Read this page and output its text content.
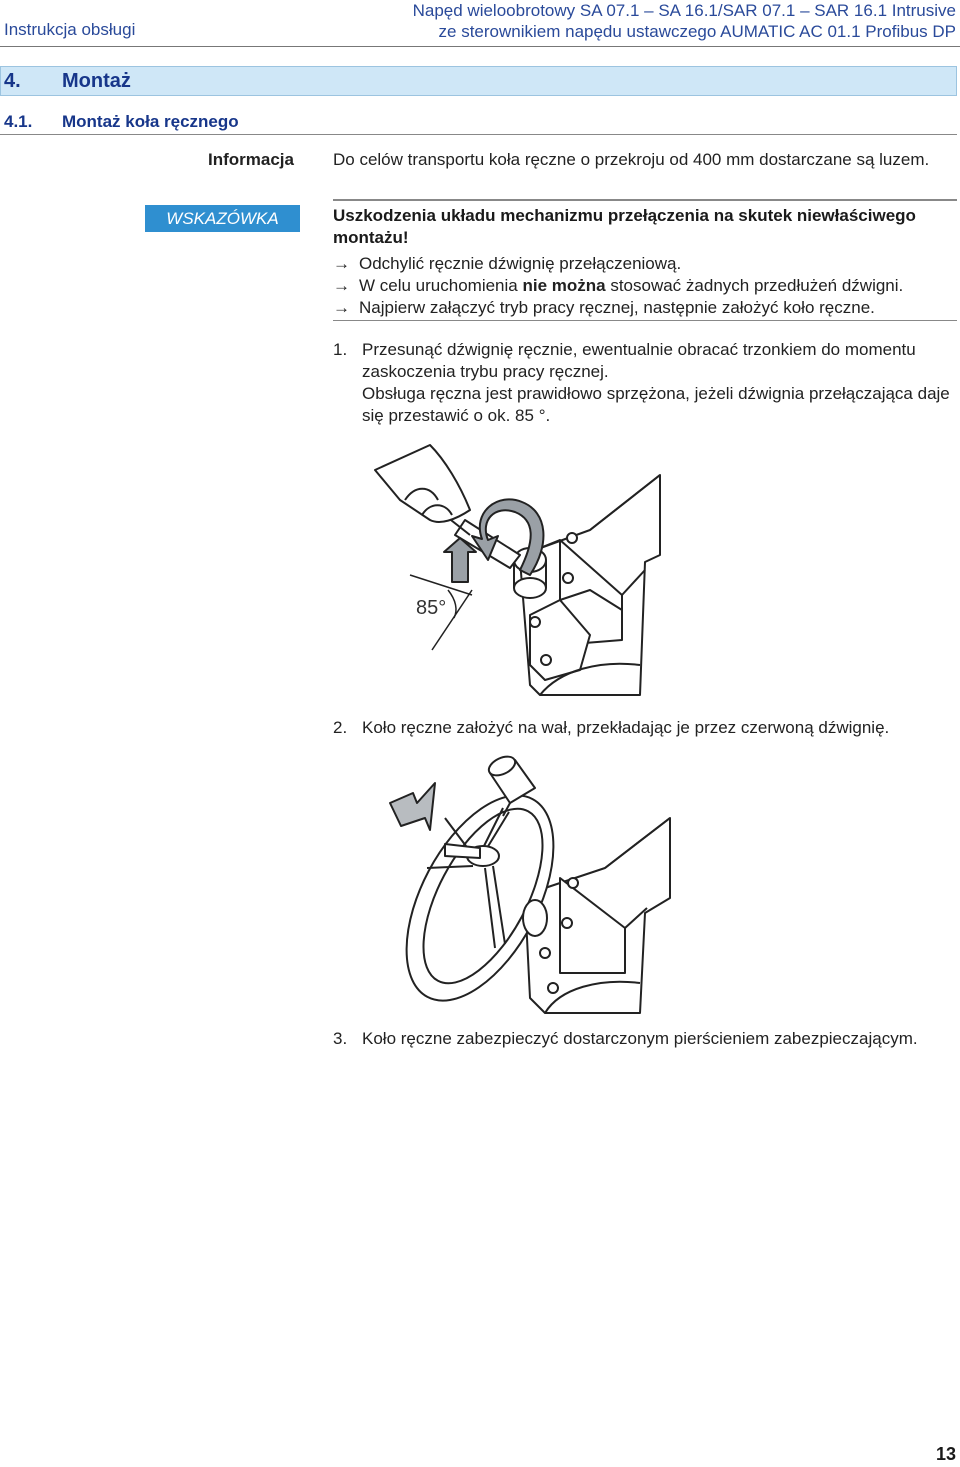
Instrukcja obsługi
Napęd wieloobrotowy SA 07.1 – SA 16.1/SAR 07.1 – SAR 16.1 Intrusive
ze sterownikiem napędu ustawczego AUMATIC AC 01.1 Profibus DP
4. Montaż
4.1. Montaż koła ręcznego
Informacja Do celów transportu koła ręczne o przekroju od 400 mm dostarczane są luzem.
WSKAZÓWKA	Uszkodzenia układu mechanizmu przełączenia na skutek niewłaściwego montażu!
→ Odchylić ręcznie dźwignię przełączeniową.
→ W celu uruchomienia nie można stosować żadnych przedłużeń dźwigni.
→ Najpierw załączyć tryb pracy ręcznej, następnie założyć koło ręczne.
1. Przesunąć dźwignię ręcznie, ewentualnie obracać trzonkiem do momentu zaskoczenia trybu pracy ręcznej.
Obsługa ręczna jest prawidłowo sprzężona, jeżeli dźwignia przełączająca daje się przestawić o ok. 85 °.
85°
2. Koło ręczne założyć na wał, przekładając je przez czerwoną dźwignię.
3. Koło ręczne zabezpieczyć dostarczonym pierścieniem zabezpieczającym.
13
